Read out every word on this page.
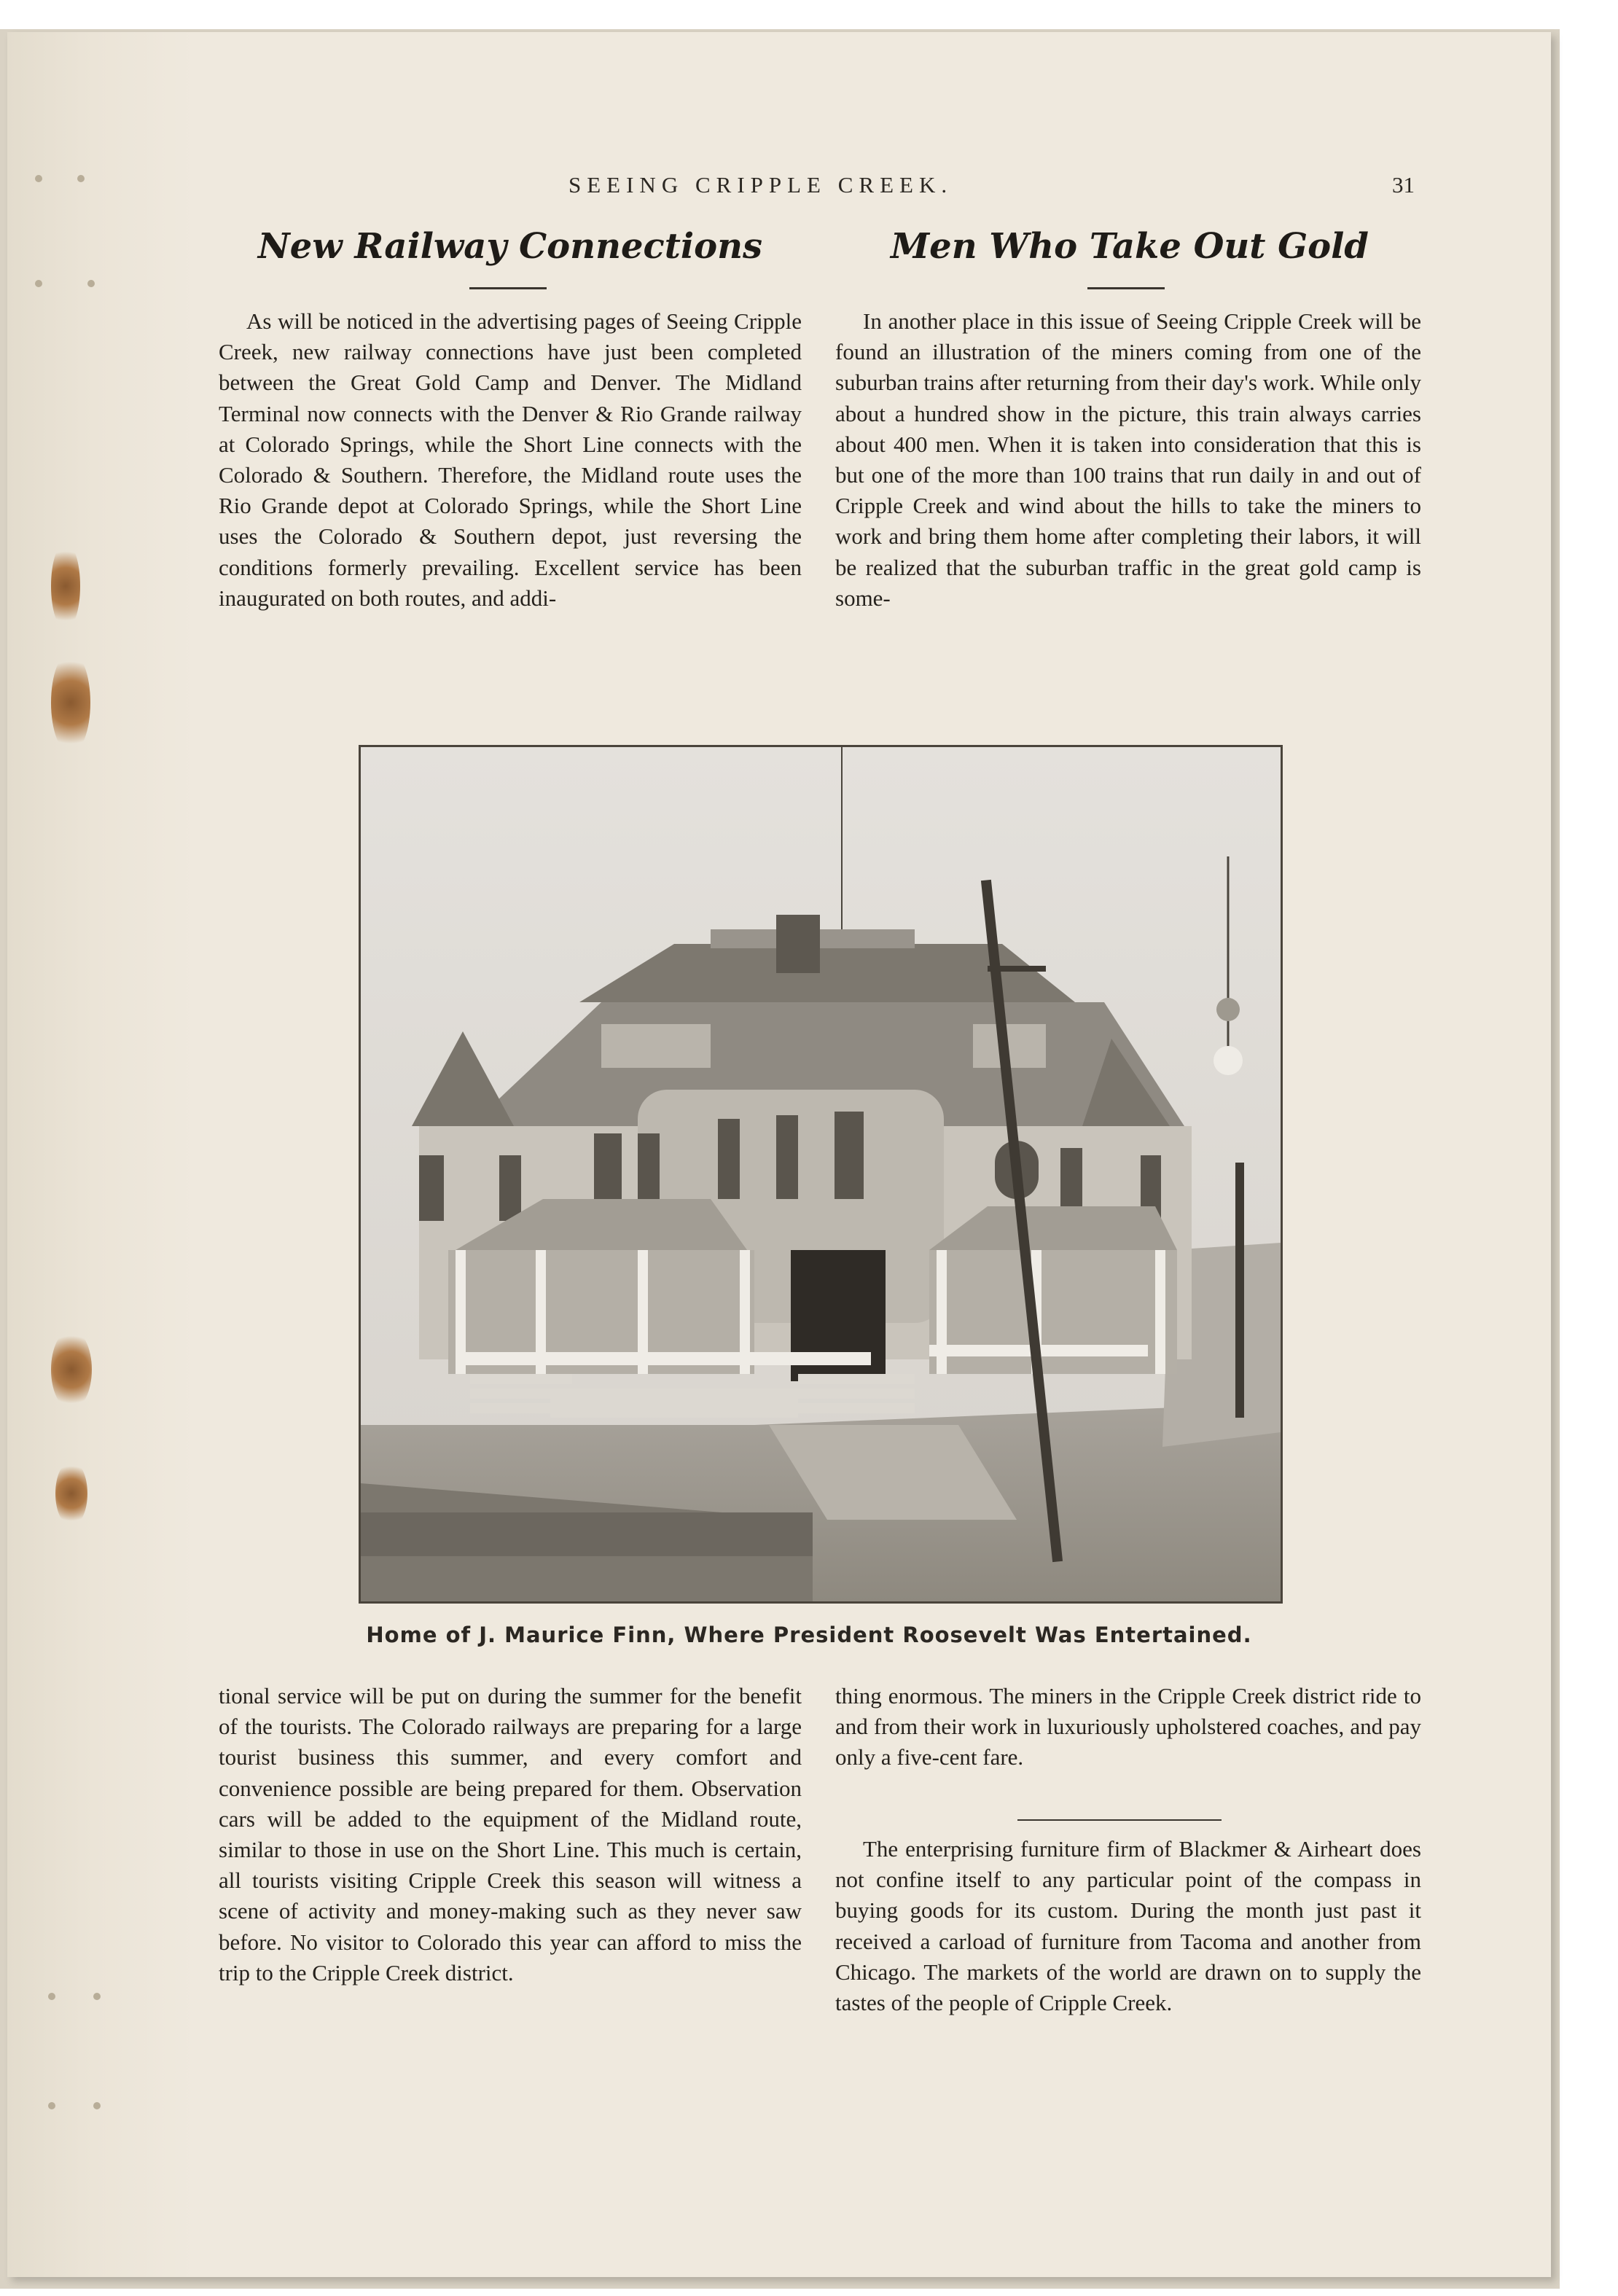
SEEING CRIPPLE CREEK.	31
New Railway Connections	Men Who Take Out Gold

As will be noticed in the advertising pages of Seeing Cripple Creek, new railway connections have just been completed between the Great Gold Camp and Denver. The Midland Terminal now connects with the Denver & Rio Grande railway at Colorado Springs, while the Short Line connects with the Colorado & Southern. Therefore, the Midland route uses the Rio Grande depot at Colorado Springs, while the Short Line uses the Colorado & Southern depot, just reversing the conditions formerly prevailing. Excellent service has been inaugurated on both routes, and addi-

In another place in this issue of Seeing Cripple Creek will be found an illustration of the miners coming from one of the suburban trains after returning from their day's work. While only about a hundred show in the picture, this train always carries about 400 men. When it is taken into consideration that this is but one of the more than 100 trains that run daily in and out of Cripple Creek and wind about the hills to take the miners to work and bring them home after completing their labors, it will be realized that the suburban traffic in the great gold camp is some-

Home of J. Maurice Finn, Where President Roosevelt Was Entertained.

tional service will be put on during the summer for the benefit of the tourists. The Colorado railways are preparing for a large tourist business this summer, and every comfort and convenience possible are being prepared for them. Observation cars will be added to the equipment of the Midland route, similar to those in use on the Short Line. This much is certain, all tourists visiting Cripple Creek this season will witness a scene of activity and money-making such as they never saw before. No visitor to Colorado this year can afford to miss the trip to the Cripple Creek district.

thing enormous. The miners in the Cripple Creek district ride to and from their work in luxuriously upholstered coaches, and pay only a five-cent fare.

The enterprising furniture firm of Blackmer & Airheart does not confine itself to any particular point of the compass in buying goods for its custom. During the month just past it received a carload of furniture from Tacoma and another from Chicago. The markets of the world are drawn on to supply the tastes of the people of Cripple Creek.
